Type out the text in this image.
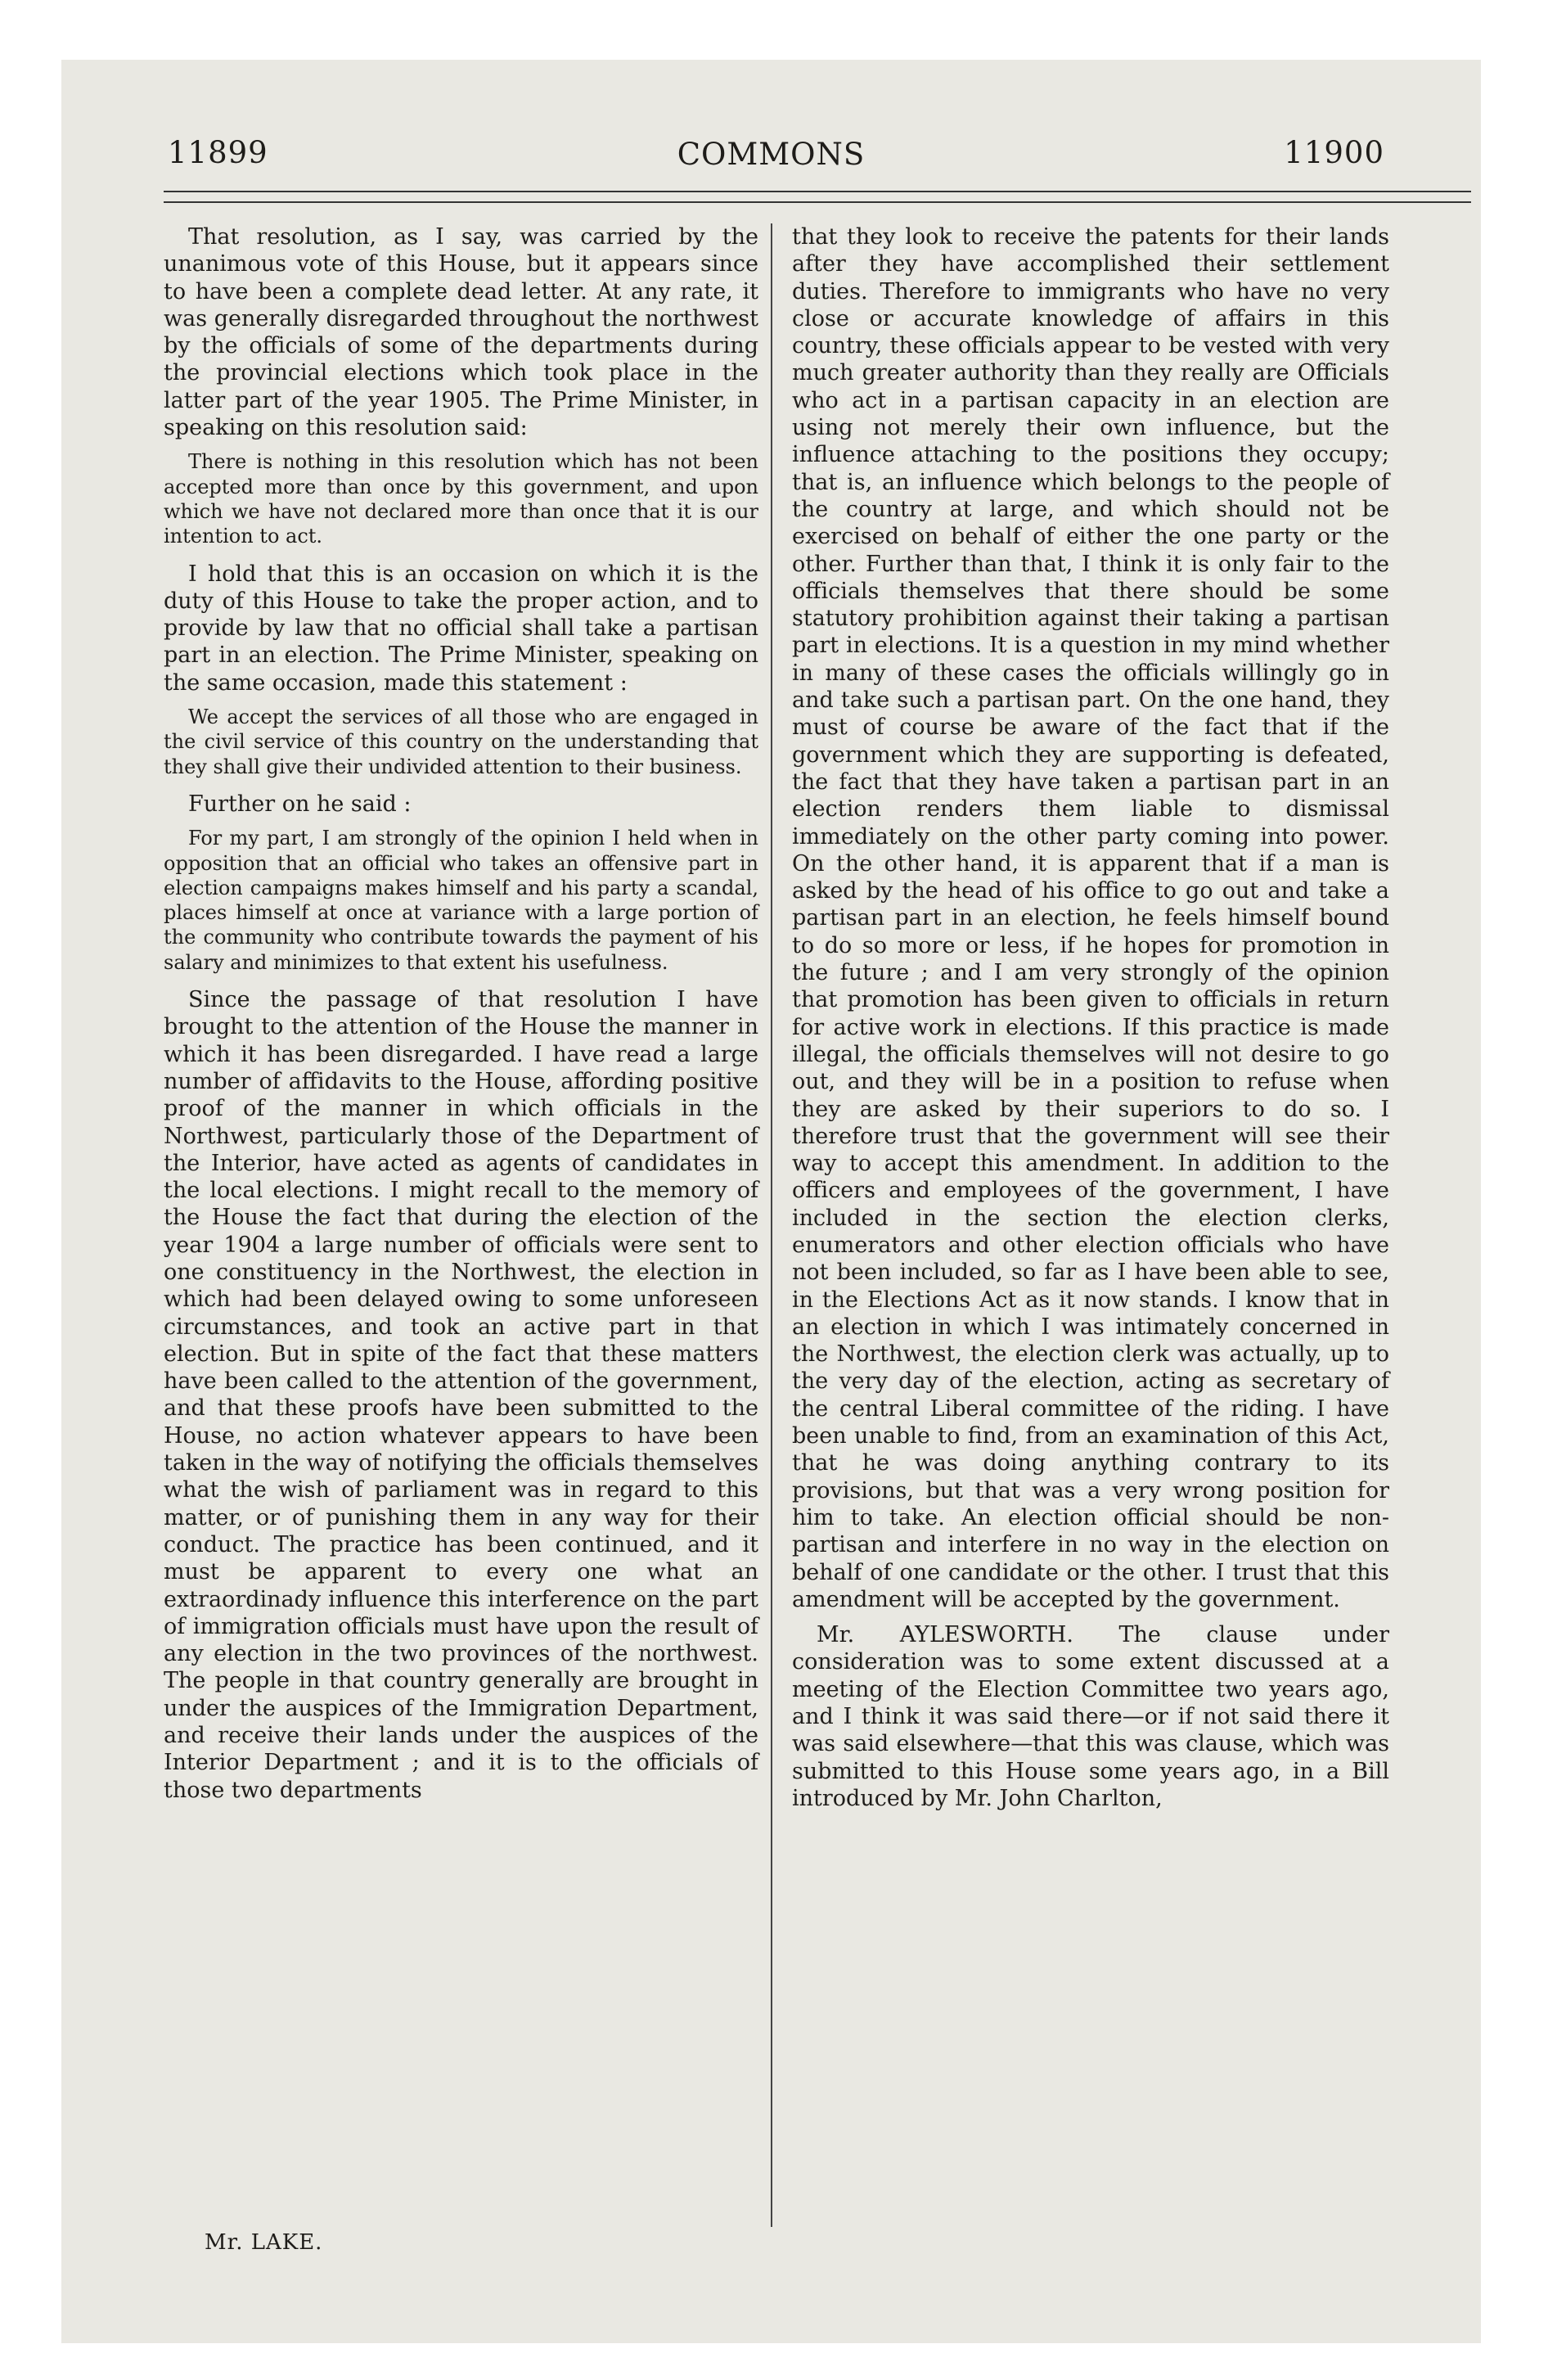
11899	COMMONS	11900

That resolution, as I say, was carried by the unanimous vote of this House, but it appears since to have been a complete dead letter. At any rate, it was generally disregarded throughout the northwest by the officials of some of the departments during the provincial elections which took place in the latter part of the year 1905. The Prime Minister, in speaking on this resolution said:

There is nothing in this resolution which has not been accepted more than once by this government, and upon which we have not declared more than once that it is our intention to act.

I hold that this is an occasion on which it is the duty of this House to take the proper action, and to provide by law that no official shall take a partisan part in an election. The Prime Minister, speaking on the same occasion, made this statement :

We accept the services of all those who are engaged in the civil service of this country on the understanding that they shall give their undivided attention to their business.

Further on he said :

For my part, I am strongly of the opinion I held when in opposition that an official who takes an offensive part in election campaigns makes himself and his party a scandal, places himself at once at variance with a large portion of the community who contribute towards the payment of his salary and minimizes to that extent his usefulness.

Since the passage of that resolution I have brought to the attention of the House the manner in which it has been disregarded. I have read a large number of affidavits to the House, affording positive proof of the manner in which officials in the Northwest, particularly those of the Department of the Interior, have acted as agents of candidates in the local elections. I might recall to the memory of the House the fact that during the election of the year 1904 a large number of officials were sent to one constituency in the Northwest, the election in which had been delayed owing to some unforeseen circumstances, and took an active part in that election. But in spite of the fact that these matters have been called to the attention of the government, and that these proofs have been submitted to the House, no action whatever appears to have been taken in the way of notifying the officials themselves what the wish of parliament was in regard to this matter, or of punishing them in any way for their conduct. The practice has been continued, and it must be apparent to every one what an extraordinady influence this interference on the part of immigration officials must have upon the result of any election in the two provinces of the northwest. The people in that country generally are brought in under the auspices of the Immigration Department, and receive their lands under the auspices of the Interior Department ; and it is to the officials of those two departments

that they look to receive the patents for their lands after they have accomplished their settlement duties. Therefore to immigrants who have no very close or accurate knowledge of affairs in this country, these officials appear to be vested with very much greater authority than they really are Officials who act in a partisan capacity in an election are using not merely their own influence, but the influence attaching to the positions they occupy; that is, an influence which belongs to the people of the country at large, and which should not be exercised on behalf of either the one party or the other. Further than that, I think it is only fair to the officials themselves that there should be some statutory prohibition against their taking a partisan part in elections. It is a question in my mind whether in many of these cases the officials willingly go in and take such a partisan part. On the one hand, they must of course be aware of the fact that if the government which they are supporting is defeated, the fact that they have taken a partisan part in an election renders them liable to dismissal immediately on the other party coming into power. On the other hand, it is apparent that if a man is asked by the head of his office to go out and take a partisan part in an election, he feels himself bound to do so more or less, if he hopes for promotion in the future ; and I am very strongly of the opinion that promotion has been given to officials in return for active work in elections. If this practice is made illegal, the officials themselves will not desire to go out, and they will be in a position to refuse when they are asked by their superiors to do so. I therefore trust that the government will see their way to accept this amendment. In addition to the officers and employees of the government, I have included in the section the election clerks, enumerators and other election officials who have not been included, so far as I have been able to see, in the Elections Act as it now stands. I know that in an election in which I was intimately concerned in the Northwest, the election clerk was actually, up to the very day of the election, acting as secretary of the central Liberal committee of the riding. I have been unable to find, from an examination of this Act, that he was doing anything contrary to its provisions, but that was a very wrong position for him to take. An election official should be non-partisan and interfere in no way in the election on behalf of one candidate or the other. I trust that this amendment will be accepted by the government.

Mr. AYLESWORTH. The clause under consideration was to some extent discussed at a meeting of the Election Committee two years ago, and I think it was said there—or if not said there it was said elsewhere—that this was clause, which was submitted to this House some years ago, in a Bill introduced by Mr. John Charlton,

Mr. LAKE.
